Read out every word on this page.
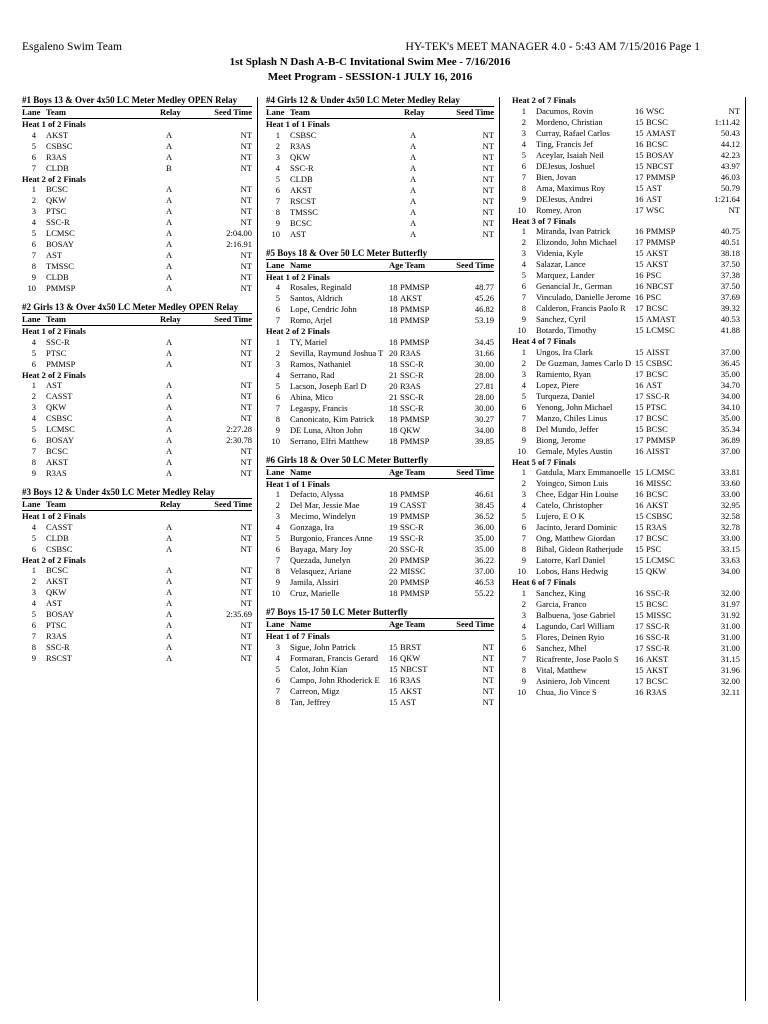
Esgaleno Swim Team	HY-TEK's MEET MANAGER 4.0 - 5:43 AM 7/15/2016 Page 1
1st Splash N Dash A-B-C Invitational Swim Mee - 7/16/2016
Meet Program - SESSION-1 JULY 16, 2016
#1 Boys 13 & Over 4x50 LC Meter Medley OPEN Relay
Lane Team	Relay	Seed Time
Heat 1 of 2 Finals
4 AKST	A	NT
5 CSBSC	A	NT
6 R3AS	A	NT
7 CLDB	B	NT
Heat 2 of 2 Finals
1 BCSC	A	NT
2 QKW	A	NT
3 PTSC	A	NT
4 SSC-R	A	NT
5 LCMSC	A	2:04.00
6 BOSAY	A	2:16.91
7 AST	A	NT
8 TMSSC	A	NT
9 CLDB	A	NT
10 PMMSP	A	NT
#2 Girls 13 & Over 4x50 LC Meter Medley OPEN Relay
Lane Team	Relay	Seed Time
Heat 1 of 2 Finals
4 SSC-R	A	NT
5 PTSC	A	NT
6 PMMSP	A	NT
Heat 2 of 2 Finals
1 AST	A	NT
2 CASST	A	NT
3 QKW	A	NT
4 CSBSC	A	NT
5 LCMSC	A	2:27.28
6 BOSAY	A	2:30.78
7 BCSC	A	NT
8 AKST	A	NT
9 R3AS	A	NT
#3 Boys 12 & Under 4x50 LC Meter Medley Relay
Lane Team	Relay	Seed Time
Heat 1 of 2 Finals
4 CASST	A	NT
5 CLDB	A	NT
6 CSBSC	A	NT
Heat 2 of 2 Finals
1 BCSC	A	NT
2 AKST	A	NT
3 QKW	A	NT
4 AST	A	NT
5 BOSAY	A	2:35.69
6 PTSC	A	NT
7 R3AS	A	NT
8 SSC-R	A	NT
9 RSCST	A	NT
#4 Girls 12 & Under 4x50 LC Meter Medley Relay
Lane Team	Relay	Seed Time
Heat 1 of 1 Finals
1 CSBSC	A	NT
2 R3AS	A	NT
3 QKW	A	NT
4 SSC-R	A	NT
5 CLDB	A	NT
6 AKST	A	NT
7 RSCST	A	NT
8 TMSSC	A	NT
9 BCSC	A	NT
10 AST	A	NT
#5 Boys 18 & Over 50 LC Meter Butterfly
Lane Name	Age Team	Seed Time
Heat 1 of 2 Finals
4 Rosales, Reginald	18 PMMSP	48.77
5 Santos, Aldrich	18 AKST	45.26
6 Lope, Cendric John	18 PMMSP	46.82
7 Romo, Arjel	18 PMMSP	53.19
Heat 2 of 2 Finals
1 TY, Mariel	18 PMMSP	34.45
2 Sevilla, Raymund Joshua T 20 R3AS	31.66
3 Ramos, Nathaniel	18 SSC-R	30.00
4 Serrano, Rad	21 SSC-R	28.00
5 Lacson, Joseph Earl D	20 R3AS	27.81
6 Abina, Mico	21 SSC-R	28.00
7 Legaspy, Francis	18 SSC-R	30.00
8 Canonicato, Kim Patrick 18 PMMSP	30.27
9 DE Luna, Alton John	18 QKW	34.00
10 Serrano, Elfri Matthew 18 PMMSP	39.85
#6 Girls 18 & Over 50 LC Meter Butterfly
Lane Name	Age Team	Seed Time
Heat 1 of 1 Finals
1 Defacto, Alyssa	18 PMMSP	46.61
2 Del Mar, Jessie Mae	19 CASST	38.45
3 Mecimo, Windelyn	19 PMMSP	36.52
4 Gonzaga, Ira	19 SSC-R	36.00
5 Burgonio, Frances Anne 19 SSC-R	35.00
6 Bayaga, Mary Joy	20 SSC-R	35.00
7 Quezada, Junelyn	20 PMMSP	36.22
8 Velasquez, Ariane	22 MISSC	37.00
9 Jamila, Alssiri	20 PMMSP	46.53
10 Cruz, Marielle	18 PMMSP	55.22
#7 Boys 15-17 50 LC Meter Butterfly
Lane Name	Age Team	Seed Time
Heat 1 of 7 Finals
3 Sigue, John Patrick	15 BRST	NT
4 Formaran, Francis Gerard 16 QKW	NT
5 Calot, John Kian	15 NBCST	NT
6 Campo, John Rhoderick E 16 R3AS	NT
7 Carreon, Migz	15 AKST	NT
8 Tan, Jeffrey	15 AST	NT
Heat 2 of 7 Finals
1 Dacumos, Rovin	16 WSC	NT
2 Mordeno, Christian	15 BCSC	1:11.42
3 Curray, Rafael Carlos	15 AMAST	50.43
4 Ting, Francis Jef	16 BCSC	44.12
5 Aceylar, Isaiah Neil	15 BOSAY	42.23
6 DEJesus, Joshuel	15 NBCST	43.97
7 Bien, Jovan	17 PMMSP	46.03
8 Ama, Maximus Roy	15 AST	50.79
9 DEJesus, Andrei	16 AST	1:21.64
10 Romey, Aron	17 WSC	NT
Heat 3 of 7 Finals
1 Miranda, Ivan Patrick	16 PMMSP	40.75
2 Elizondo, John Michael 17 PMMSP	40.51
3 Videnia, Kyle	15 AKST	38.18
4 Salazar, Lance	15 AKST	37.50
5 Marquez, Lander	16 PSC	37.38
6 Genancial Jr., German	16 NBCST	37.50
7 Vinculado, Danielle Jerome 16 PSC	37.69
8 Calderon, Francis Paolo R 17 BCSC	39.32
9 Sanchez, Cyril	15 AMAST	40.53
10 Botardo, Timothy	15 LCMSC	41.88
Heat 4 of 7 Finals
1 Ungos, Ira Clark	15 AISST	37.00
2 De Guzman, James Carlo D 15 CSBSC	36.45
3 Ramiento, Ryan	17 BCSC	35.00
4 Lopez, Piere	16 AST	34.70
5 Turqueza, Daniel	17 SSC-R	34.00
6 Yenong, John Michael	15 PTSC	34.10
7 Manzo, Chiles Linus	17 BCSC	35.00
8 Del Mundo, Jeffer	15 BCSC	35.34
9 Biong, Jerome	17 PMMSP	36.89
10 Gemale, Myles Austin	16 AISST	37.00
Heat 5 of 7 Finals
1 Gatdula, Marx Emmanoelle 15 LCMSC	33.81
2 Yoingco, Simon Luis	16 MISSC	33.60
3 Chee, Edgar Hin Louise 16 BCSC	33.00
4 Catelo, Christopher	16 AKST	32.95
5 Lujero, E O K	15 CSBSC	32.58
6 Jacinto, Jerard Dominic 15 R3AS	32.78
7 Ong, Matthew Giordan 17 BCSC	33.00
8 Bibal, Gideon Ratherjude 15 PSC	33.15
9 Latorre, Karl Daniel	15 LCMSC	33.63
10 Lobos, Hans Hedwig	15 QKW	34.00
Heat 6 of 7 Finals
1 Sanchez, King	16 SSC-R	32.00
2 Garcia, Franco	15 BCSC	31.97
3 Balbuena, 'jose Gabriel 15 MISSC	31.92
4 Lagundo, Carl William 17 SSC-R	31.00
5 Flores, Deinen Ryio	16 SSC-R	31.00
6 Sanchez, Mhel	17 SSC-R	31.00
7 Ricafrente, Jose Paolo S 16 AKST	31.15
8 Vital, Matthew	15 AKST	31.96
9 Asiniero, Job Vincent	17 BCSC	32.00
10 Chua, Jio Vince S	16 R3AS	32.11
